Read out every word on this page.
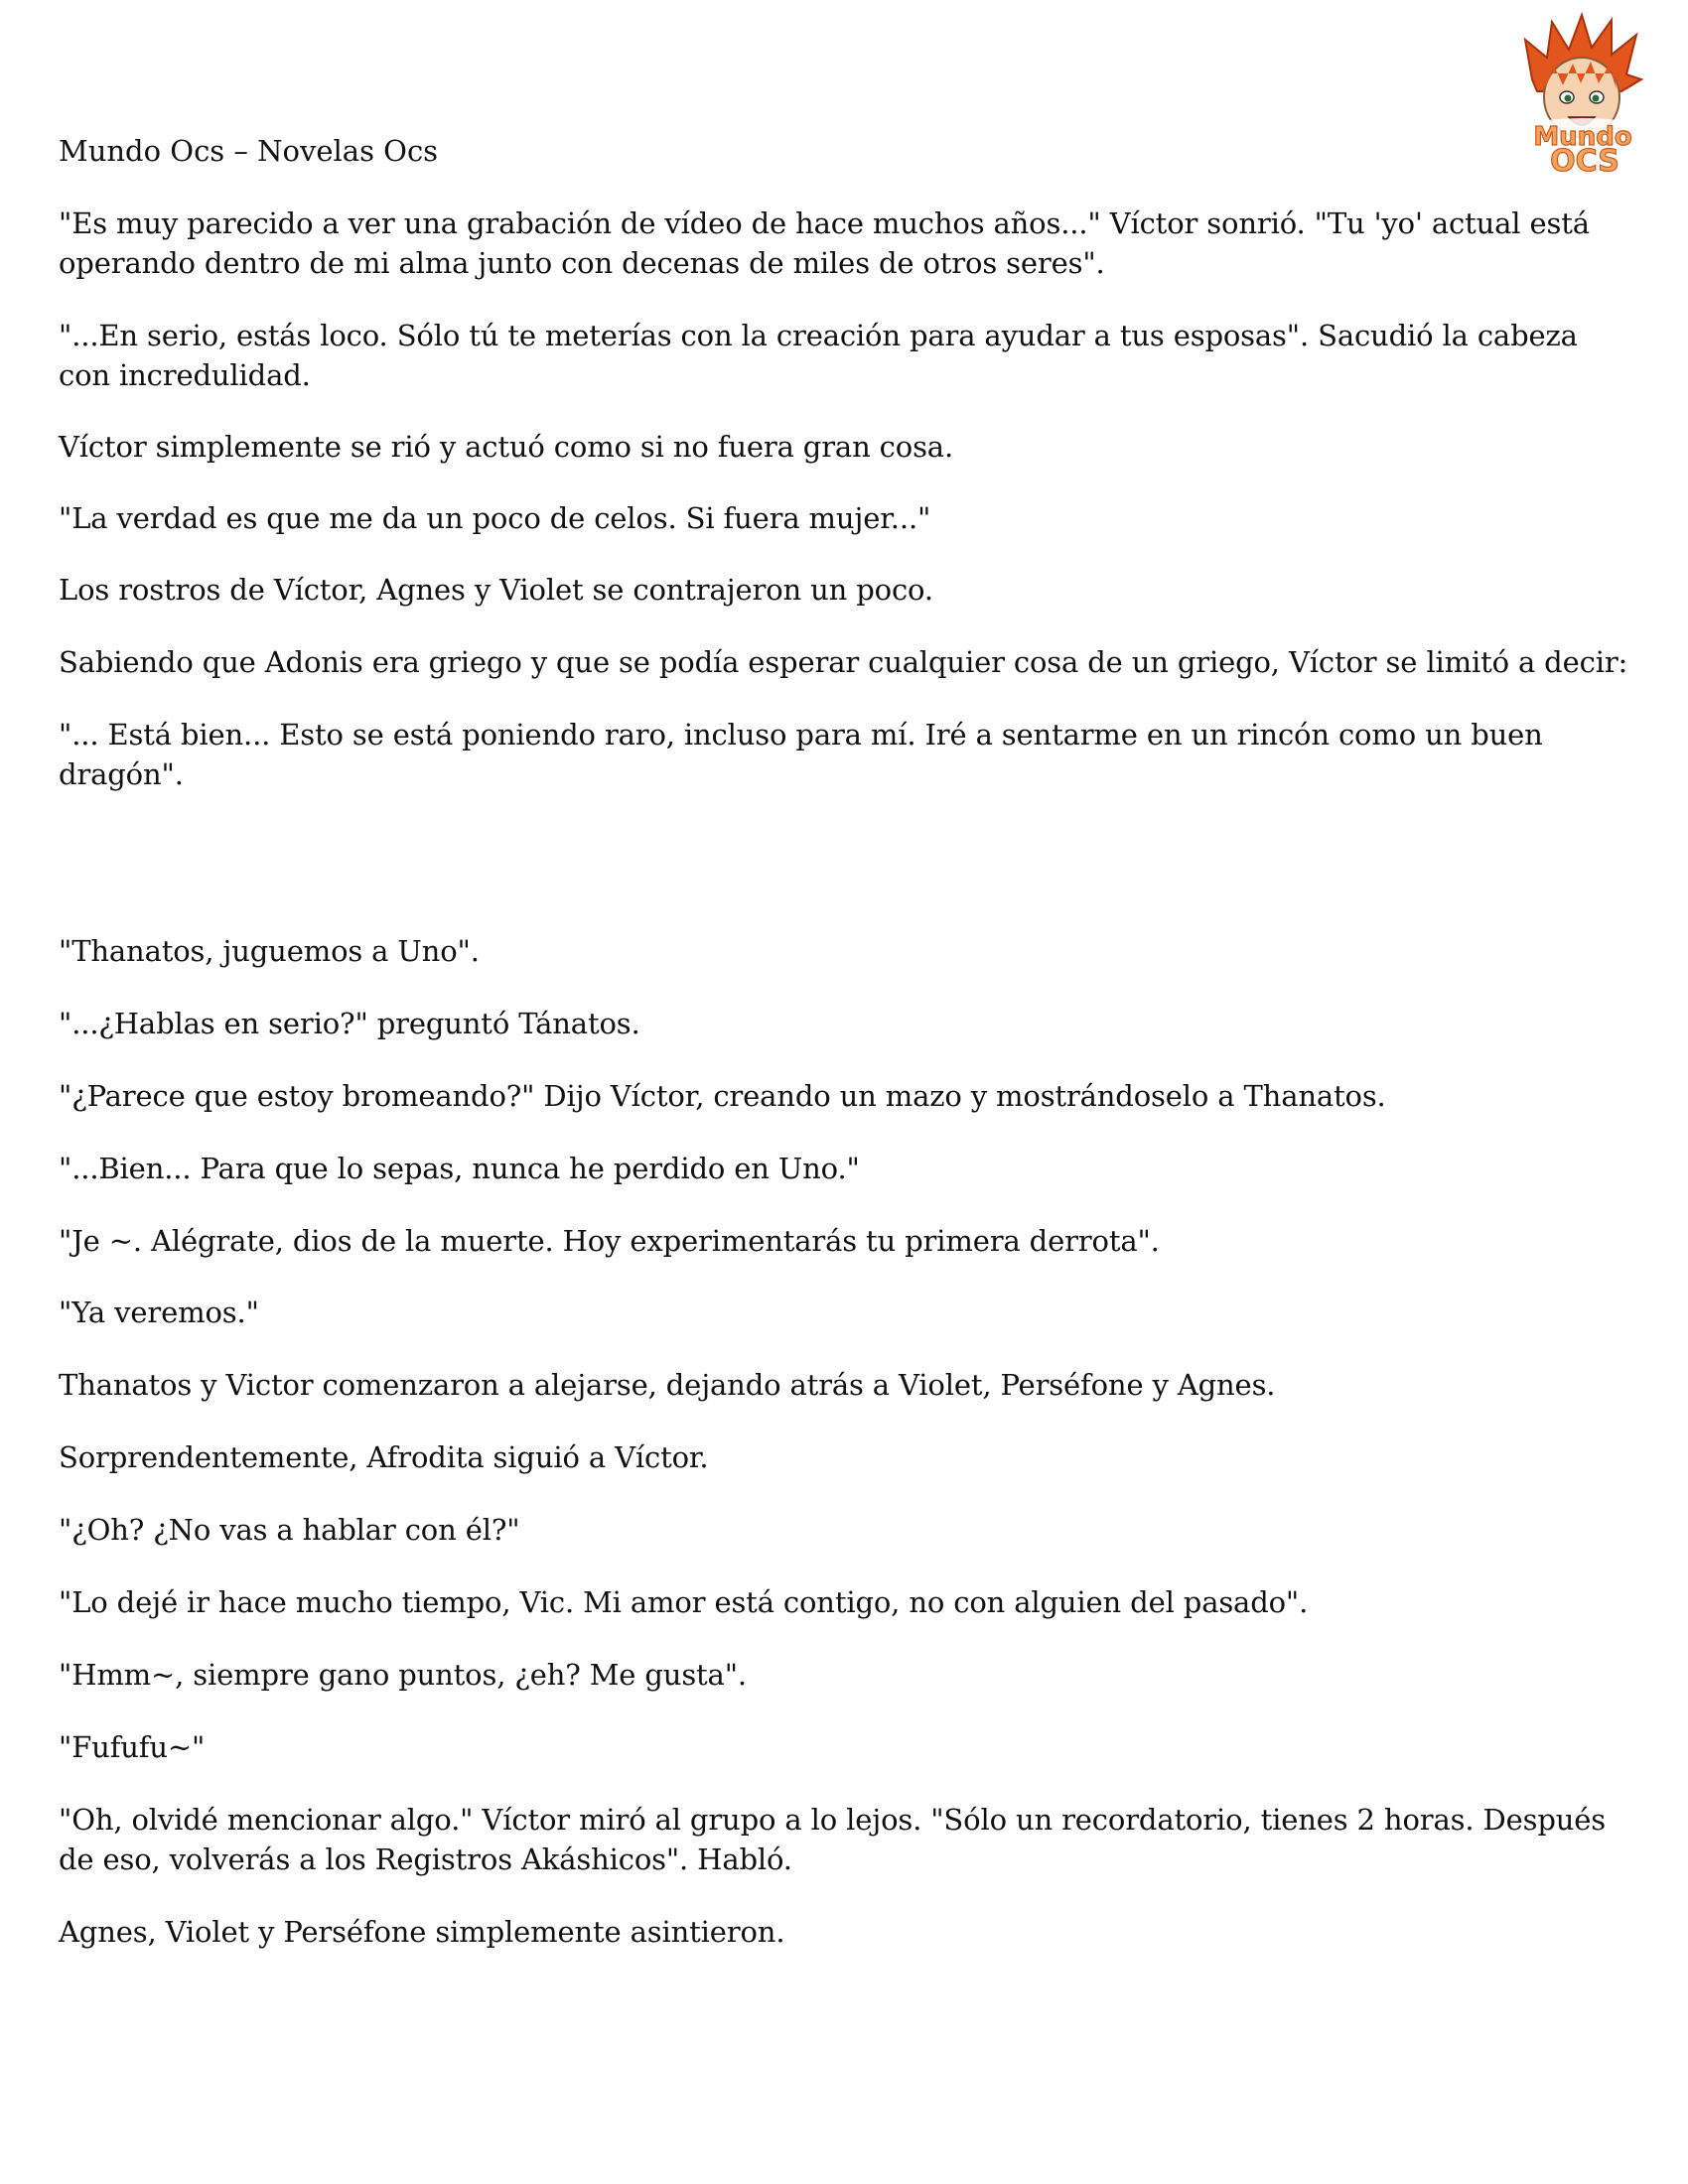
Mundo
OCS

Mundo Ocs – Novelas Ocs

"Es muy parecido a ver una grabación de vídeo de hace muchos años..." Víctor sonrió. "Tu 'yo' actual está operando dentro de mi alma junto con decenas de miles de otros seres".

"...En serio, estás loco. Sólo tú te meterías con la creación para ayudar a tus esposas". Sacudió la cabeza con incredulidad.

Víctor simplemente se rió y actuó como si no fuera gran cosa.

"La verdad es que me da un poco de celos. Si fuera mujer..."

Los rostros de Víctor, Agnes y Violet se contrajeron un poco.

Sabiendo que Adonis era griego y que se podía esperar cualquier cosa de un griego, Víctor se limitó a decir:

"... Está bien... Esto se está poniendo raro, incluso para mí. Iré a sentarme en un rincón como un buen dragón".

"Thanatos, juguemos a Uno".

"...¿Hablas en serio?" preguntó Tánatos.

"¿Parece que estoy bromeando?" Dijo Víctor, creando un mazo y mostrándoselo a Thanatos.

"...Bien... Para que lo sepas, nunca he perdido en Uno."

"Je ~. Alégrate, dios de la muerte. Hoy experimentarás tu primera derrota".

"Ya veremos."

Thanatos y Victor comenzaron a alejarse, dejando atrás a Violet, Perséfone y Agnes.

Sorprendentemente, Afrodita siguió a Víctor.

"¿Oh? ¿No vas a hablar con él?"

"Lo dejé ir hace mucho tiempo, Vic. Mi amor está contigo, no con alguien del pasado".

"Hmm~, siempre gano puntos, ¿eh? Me gusta".

"Fufufu~"

"Oh, olvidé mencionar algo." Víctor miró al grupo a lo lejos. "Sólo un recordatorio, tienes 2 horas. Después de eso, volverás a los Registros Akáshicos". Habló.

Agnes, Violet y Perséfone simplemente asintieron.
